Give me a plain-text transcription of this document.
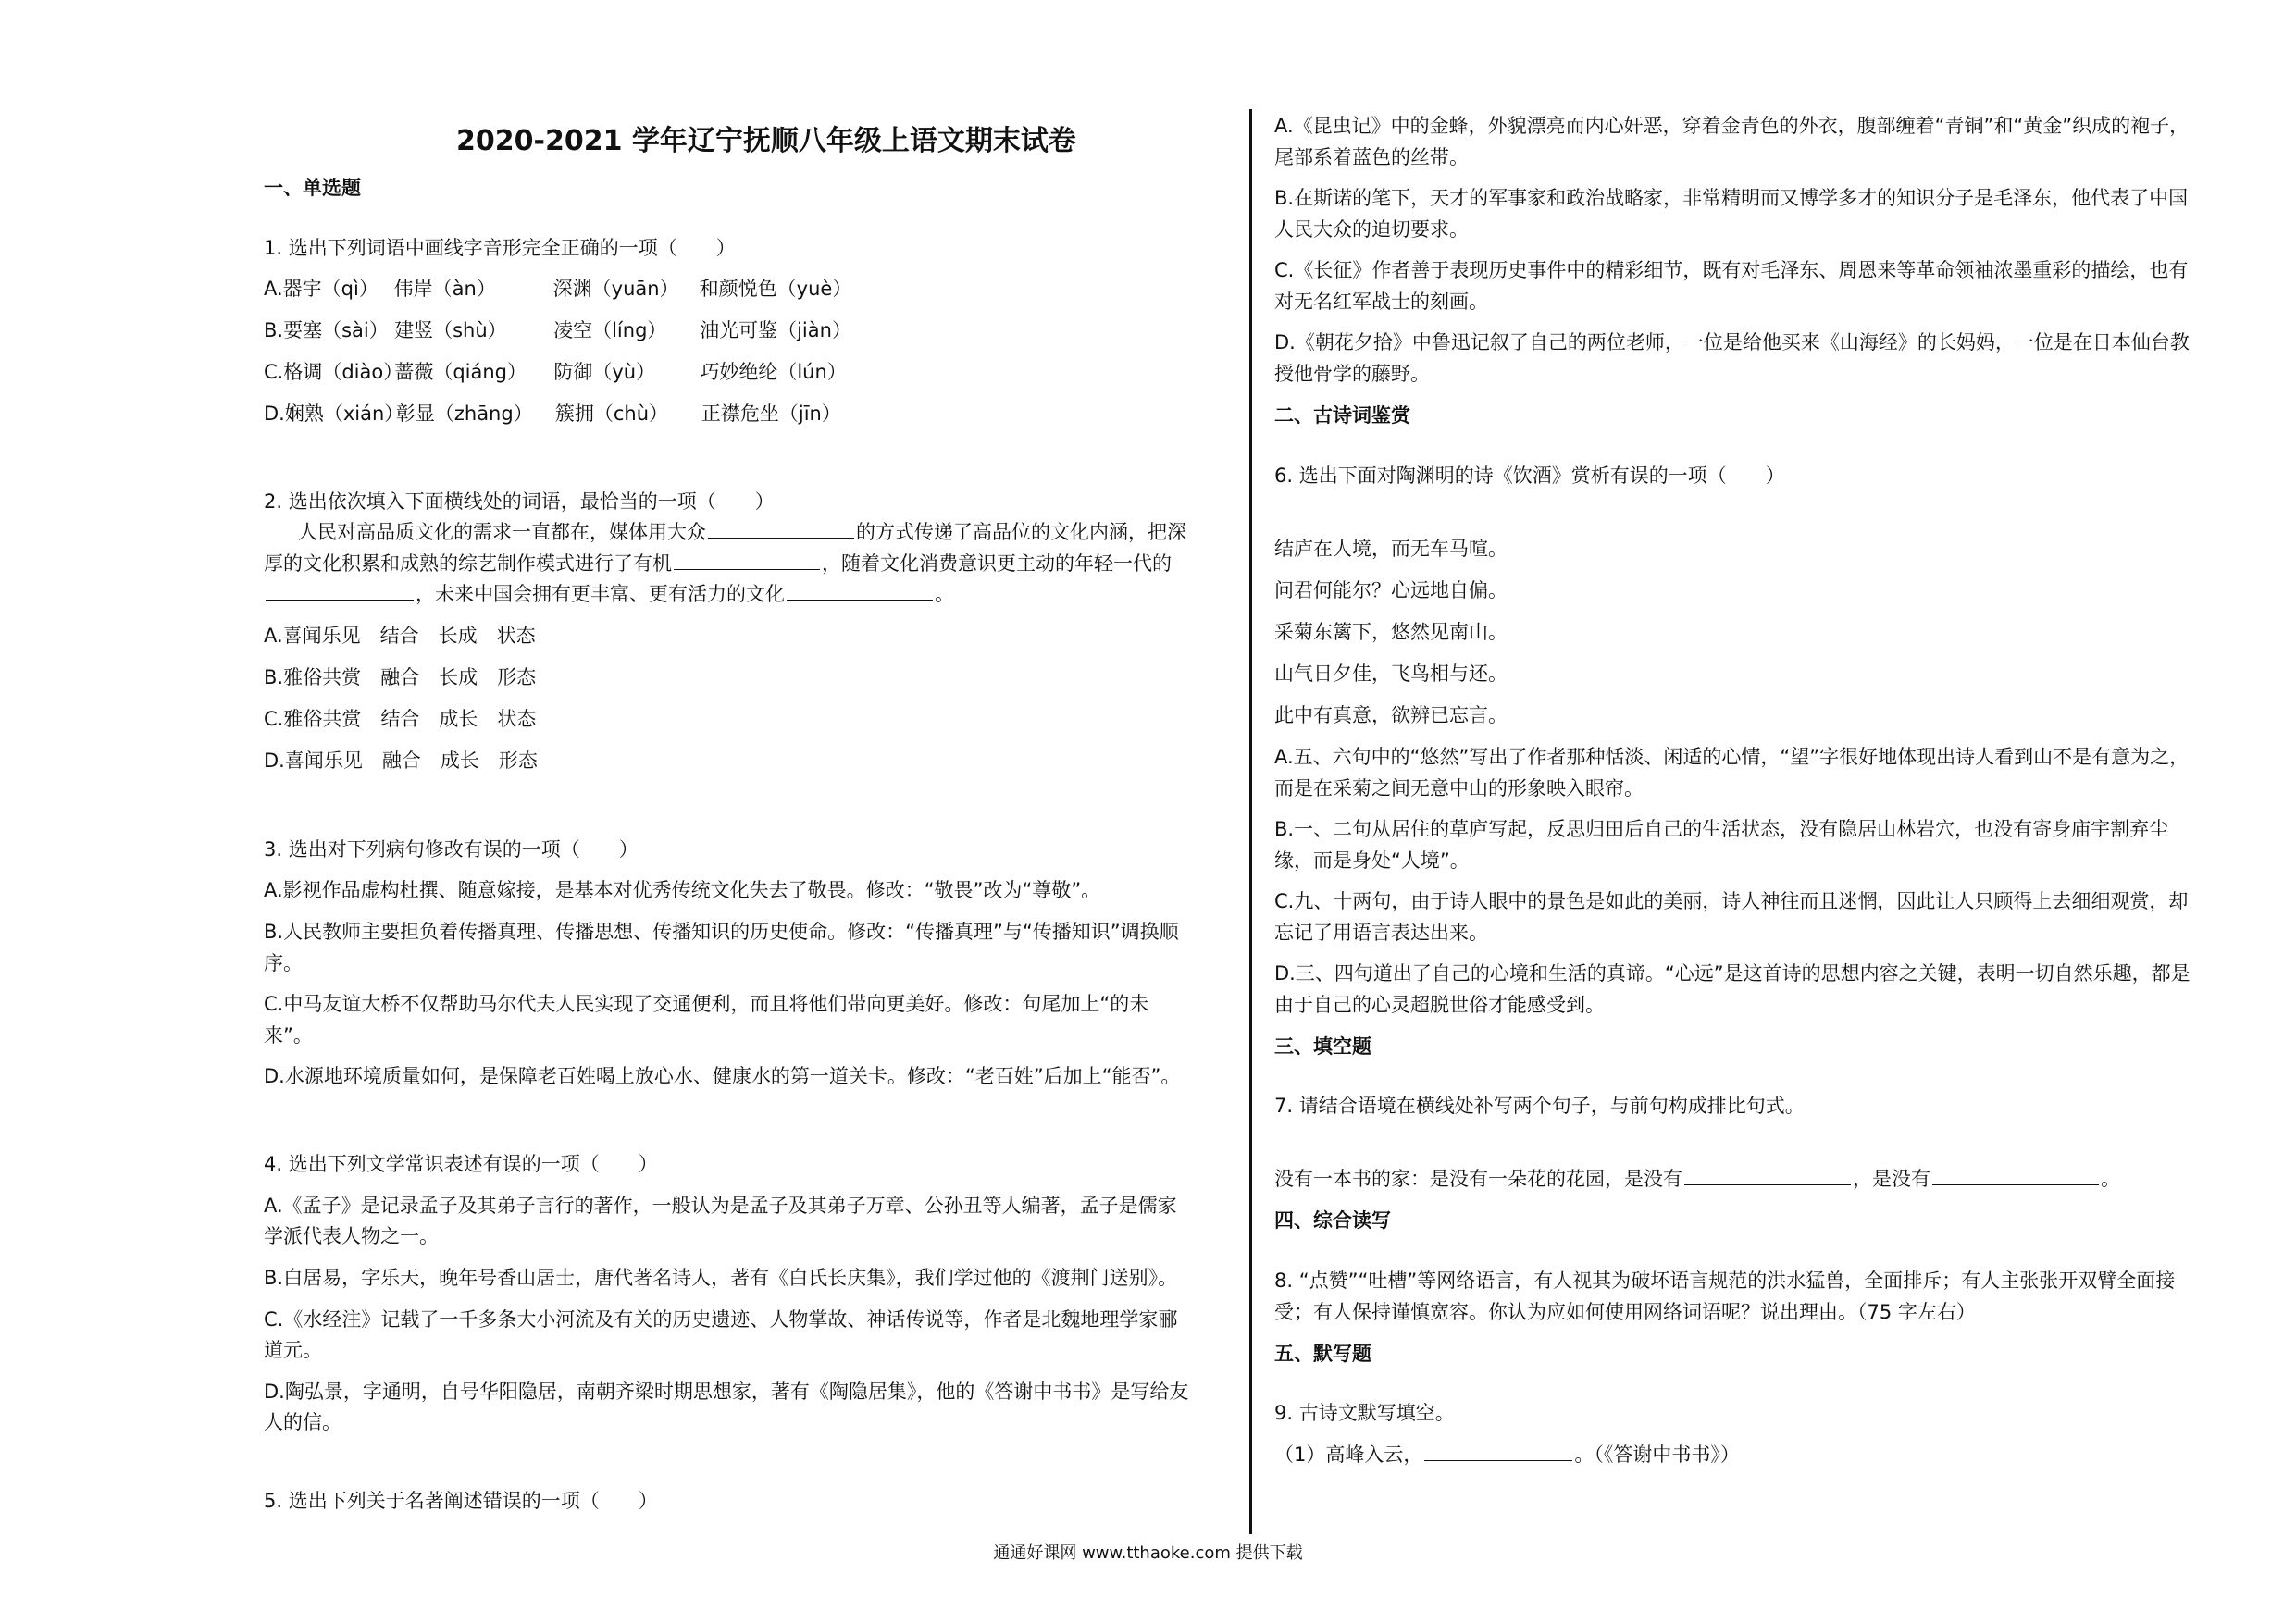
2020-2021 学年辽宁抚顺八年级上语文期末试卷
一、单选题
1. 选出下列词语中画线字音形完全正确的一项（　　）
A.器宇（qì） 伟岸（àn）	深渊（yuān） 和颜悦色（yuè）
B.要塞（sài） 建竖（shù） 凌空（líng） 油光可鉴（jiàn）
C.格调（diào）蔷薇（qiáng） 防御（yù） 巧妙绝纶（lún）
D.娴熟（xián）彰显（zhāng） 簇拥（chù） 正襟危坐（jīn）
2. 选出依次填入下面横线处的词语，最恰当的一项（　　）
人民对高品质文化的需求一直都在，媒体用大众	的方式传递了高品位的文化内涵，把深
厚的文化积累和成熟的综艺制作模式进行了有机	，随着文化消费意识更主动的年轻一代的
，未来中国会拥有更丰富、更有活力的文化	。
A.喜闻乐见　结合　长成　状态
B.雅俗共赏　融合　长成　形态
C.雅俗共赏　结合　成长　状态
D.喜闻乐见　融合　成长　形态
3. 选出对下列病句修改有误的一项（　　）
A.影视作品虚构杜撰、随意嫁接，是基本对优秀传统文化失去了敬畏。修改：“敬畏”改为“尊敬”。
B.人民教师主要担负着传播真理、传播思想、传播知识的历史使命。修改：“传播真理”与“传播知识”调换顺
序。
C.中马友谊大桥不仅帮助马尔代夫人民实现了交通便利，而且将他们带向更美好。修改：句尾加上“的未
来”。
D.水源地环境质量如何，是保障老百姓喝上放心水、健康水的第一道关卡。修改：“老百姓”后加上“能否”。
4. 选出下列文学常识表述有误的一项（　　）
A.《孟子》是记录孟子及其弟子言行的著作，一般认为是孟子及其弟子万章、公孙丑等人编著，孟子是儒家
学派代表人物之一。
B.白居易，字乐天，晚年号香山居士，唐代著名诗人，著有《白氏长庆集》，我们学过他的《渡荆门送别》。
C.《水经注》记载了一千多条大小河流及有关的历史遗迹、人物掌故、神话传说等，作者是北魏地理学家郦
道元。
D.陶弘景，字通明，自号华阳隐居，南朝齐梁时期思想家，著有《陶隐居集》，他的《答谢中书书》是写给友
人的信。
5. 选出下列关于名著阐述错误的一项（　　）
A.《昆虫记》中的金蜂，外貌漂亮而内心奸恶，穿着金青色的外衣，腹部缠着“青铜”和“黄金”织成的袍子，
尾部系着蓝色的丝带。
B.在斯诺的笔下，天才的军事家和政治战略家，非常精明而又博学多才的知识分子是毛泽东，他代表了中国
人民大众的迫切要求。
C.《长征》作者善于表现历史事件中的精彩细节，既有对毛泽东、周恩来等革命领袖浓墨重彩的描绘，也有
对无名红军战士的刻画。
D.《朝花夕拾》中鲁迅记叙了自己的两位老师，一位是给他买来《山海经》的长妈妈，一位是在日本仙台教
授他骨学的藤野。
二、古诗词鉴赏
6. 选出下面对陶渊明的诗《饮酒》赏析有误的一项（　　）
结庐在人境，而无车马喧。
问君何能尔？心远地自偏。
采菊东篱下，悠然见南山。
山气日夕佳，飞鸟相与还。
此中有真意，欲辨已忘言。
A.五、六句中的“悠然”写出了作者那种恬淡、闲适的心情，“望”字很好地体现出诗人看到山不是有意为之，
而是在采菊之间无意中山的形象映入眼帘。
B.一、二句从居住的草庐写起，反思归田后自己的生活状态，没有隐居山林岩穴，也没有寄身庙宇割弃尘
缘，而是身处“人境”。
C.九、十两句，由于诗人眼中的景色是如此的美丽，诗人神往而且迷惘，因此让人只顾得上去细细观赏，却
忘记了用语言表达出来。
D.三、四句道出了自己的心境和生活的真谛。“心远”是这首诗的思想内容之关键，表明一切自然乐趣，都是
由于自己的心灵超脱世俗才能感受到。
三、填空题
7. 请结合语境在横线处补写两个句子，与前句构成排比句式。
没有一本书的家：是没有一朵花的花园，是没有	，是没有	。
四、综合读写
8. “点赞”“吐槽”等网络语言，有人视其为破坏语言规范的洪水猛兽，全面排斥；有人主张张开双臂全面接
受；有人保持谨慎宽容。你认为应如何使用网络词语呢？说出理由。（75 字左右）
五、默写题
9. 古诗文默写填空。
（1）高峰入云，	。（《答谢中书书》）
通通好课网 www.tthaoke.com 提供下载
